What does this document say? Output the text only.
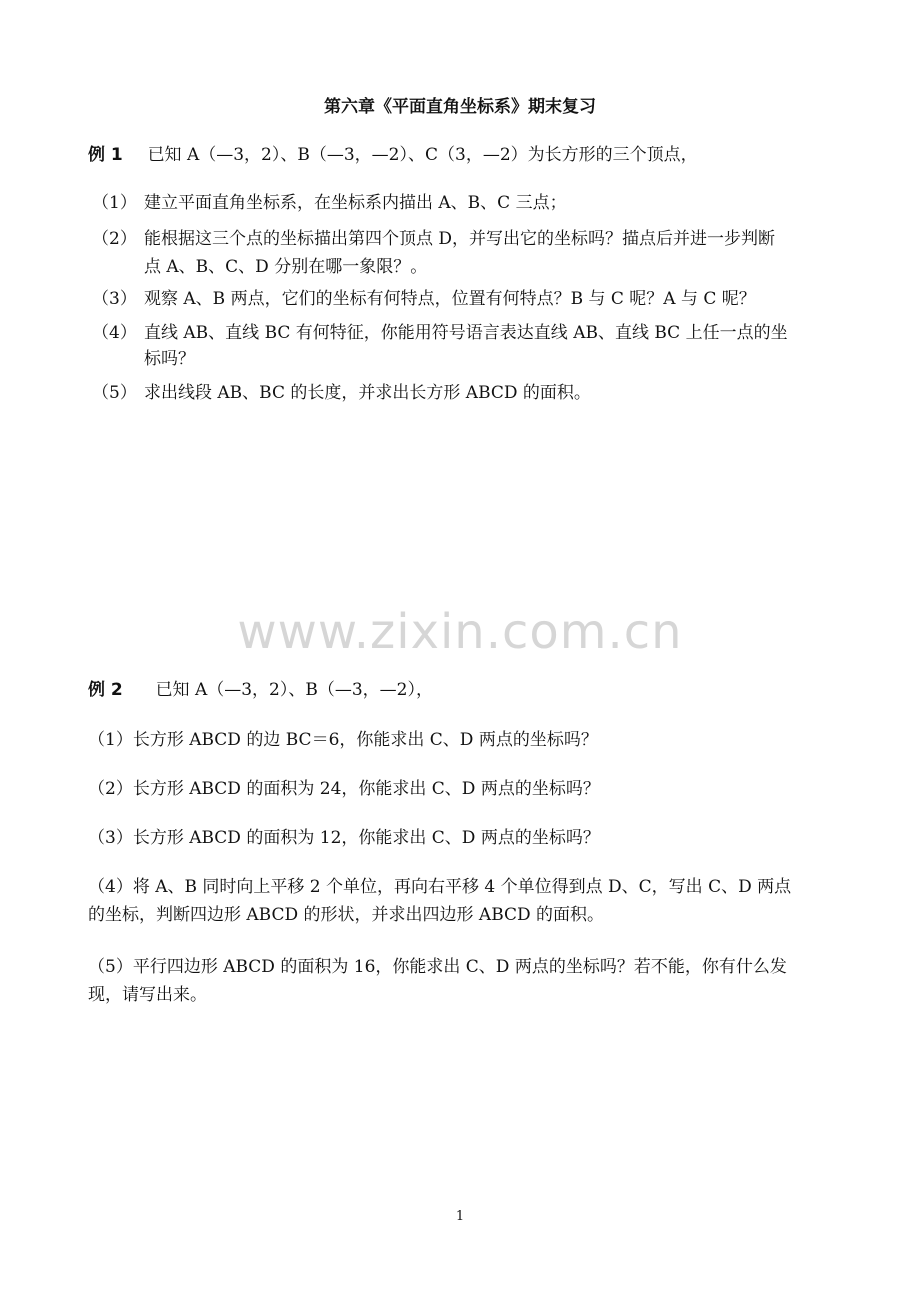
第六章《平面直角坐标系》期末复习
例 1 已知 A（—3，2）、B（—3，—2）、C（3，—2）为长方形的三个顶点，
（1） 建立平面直角坐标系，在坐标系内描出 A、B、C 三点；
（2） 能根据这三个点的坐标描出第四个顶点 D，并写出它的坐标吗？描点后并进一步判断
点 A、B、C、D 分别在哪一象限？。
（3） 观察 A、B 两点，它们的坐标有何特点，位置有何特点？B 与 C 呢？A 与 C 呢？
（4） 直线 AB、直线 BC 有何特征，你能用符号语言表达直线 AB、直线 BC 上任一点的坐
标吗？
（5） 求出线段 AB、BC 的长度，并求出长方形 ABCD 的面积。
www.zixin.com.cn
例 2 已知 A（—3，2）、B（—3，—2），
（1）长方形 ABCD 的边 BC＝6，你能求出 C、D 两点的坐标吗？
（2）长方形 ABCD 的面积为 24，你能求出 C、D 两点的坐标吗？
（3）长方形 ABCD 的面积为 12，你能求出 C、D 两点的坐标吗？
（4）将 A、B 同时向上平移 2 个单位，再向右平移 4 个单位得到点 D、C，写出 C、D 两点
的坐标，判断四边形 ABCD 的形状，并求出四边形 ABCD 的面积。
（5）平行四边形 ABCD 的面积为 16，你能求出 C、D 两点的坐标吗？若不能，你有什么发
现，请写出来。
1
